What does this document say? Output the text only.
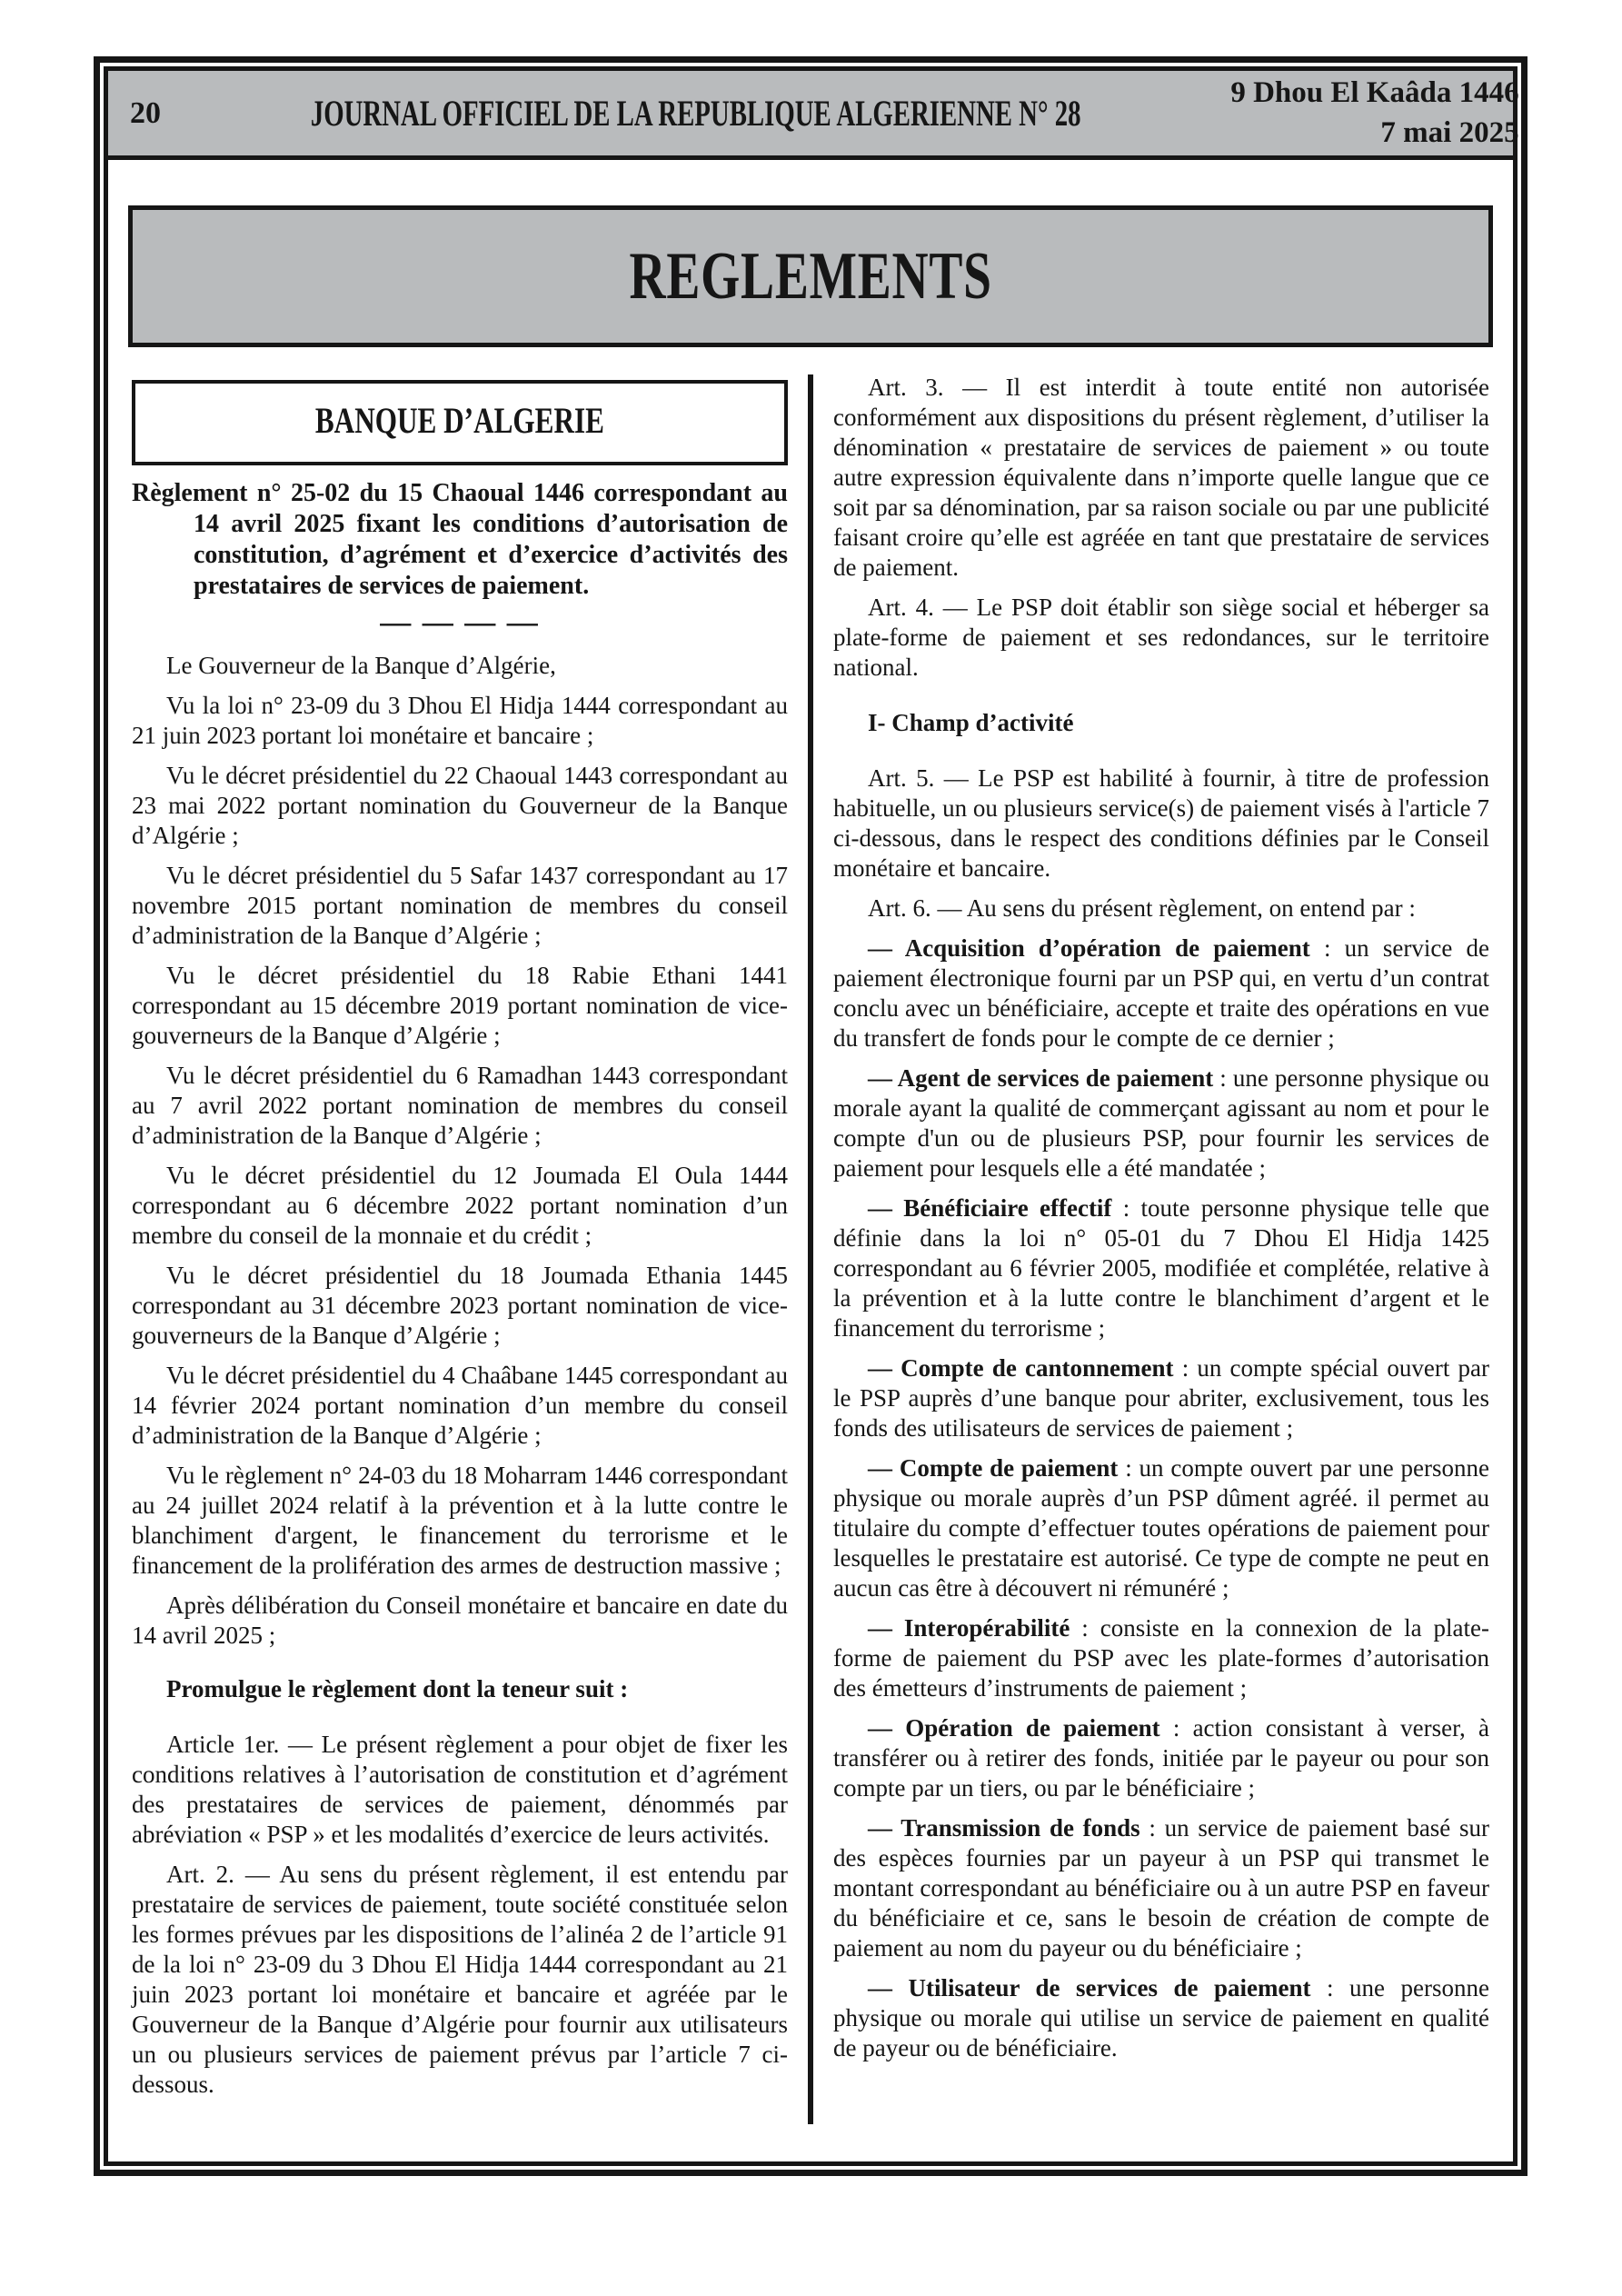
20	JOURNAL OFFICIEL DE LA REPUBLIQUE ALGERIENNE N° 28
9 Dhou El Kaâda 1446
7 mai 2025
REGLEMENTS
BANQUE D’ALGERIE

Règlement n° 25-02 du 15 Chaoual 1446 correspondant au 14 avril 2025 fixant les conditions d’autorisation de constitution, d’agrément et d’exercice d’activités des prestataires de services de paiement.

— — — —

Le Gouverneur de la Banque d’Algérie,

Vu la loi n° 23-09 du 3 Dhou El Hidja 1444 correspondant au 21 juin 2023 portant loi monétaire et bancaire ;

Vu le décret présidentiel du 22 Chaoual 1443 correspondant au 23 mai 2022 portant nomination du Gouverneur de la Banque d’Algérie ;

Vu le décret présidentiel du 5 Safar 1437 correspondant au 17 novembre 2015 portant nomination de membres du conseil d’administration de la Banque d’Algérie ;

Vu le décret présidentiel du 18 Rabie Ethani 1441 correspondant au 15 décembre 2019 portant nomination de vice-gouverneurs de la Banque d’Algérie ;

Vu le décret présidentiel du 6 Ramadhan 1443 correspondant au 7 avril 2022 portant nomination de membres du conseil d’administration de la Banque d’Algérie ;

Vu le décret présidentiel du 12 Joumada El Oula 1444 correspondant au 6 décembre 2022 portant nomination d’un membre du conseil de la monnaie et du crédit ;

Vu le décret présidentiel du 18 Joumada Ethania 1445 correspondant au 31 décembre 2023 portant nomination de vice-gouverneurs de la Banque d’Algérie ;

Vu le décret présidentiel du 4 Chaâbane 1445 correspondant au 14 février 2024 portant nomination d’un membre du conseil d’administration de la Banque d’Algérie ;

Vu le règlement n° 24-03 du 18 Moharram 1446 correspondant au 24 juillet 2024 relatif à la prévention et à la lutte contre le blanchiment d'argent, le financement du terrorisme et le financement de la prolifération des armes de destruction massive ;

Après délibération du Conseil monétaire et bancaire en date du 14 avril 2025 ;

Promulgue le règlement dont la teneur suit :

Article 1er. — Le présent règlement a pour objet de fixer les conditions relatives à l’autorisation de constitution et d’agrément des prestataires de services de paiement, dénommés par abréviation « PSP » et les modalités d’exercice de leurs activités.

Art. 2. — Au sens du présent règlement, il est entendu par prestataire de services de paiement, toute société constituée selon les formes prévues par les dispositions de l’alinéa 2 de l’article 91 de la loi n° 23-09 du 3 Dhou El Hidja 1444 correspondant au 21 juin 2023 portant loi monétaire et bancaire et agréée par le Gouverneur de la Banque d’Algérie pour fournir aux utilisateurs un ou plusieurs services de paiement prévus par l’article 7 ci-dessous.

Art. 3. — Il est interdit à toute entité non autorisée conformément aux dispositions du présent règlement, d’utiliser la dénomination « prestataire de services de paiement » ou toute autre expression équivalente dans n’importe quelle langue que ce soit par sa dénomination, par sa raison sociale ou par une publicité faisant croire qu’elle est agréée en tant que prestataire de services de paiement.

Art. 4. — Le PSP doit établir son siège social et héberger sa plate-forme de paiement et ses redondances, sur le territoire national.

I- Champ d’activité

Art. 5. — Le PSP est habilité à fournir, à titre de profession habituelle, un ou plusieurs service(s) de paiement visés à l'article 7 ci-dessous, dans le respect des conditions définies par le Conseil monétaire et bancaire.

Art. 6. — Au sens du présent règlement, on entend par :

— Acquisition d’opération de paiement : un service de paiement électronique fourni par un PSP qui, en vertu d’un contrat conclu avec un bénéficiaire, accepte et traite des opérations en vue du transfert de fonds pour le compte de ce dernier ;

— Agent de services de paiement : une personne physique ou morale ayant la qualité de commerçant agissant au nom et pour le compte d'un ou de plusieurs PSP, pour fournir les services de paiement pour lesquels elle a été mandatée ;

— Bénéficiaire effectif : toute personne physique telle que définie dans la loi n° 05-01 du 7 Dhou El Hidja 1425 correspondant au 6 février 2005, modifiée et complétée, relative à la prévention et à la lutte contre le blanchiment d’argent et le financement du terrorisme ;

— Compte de cantonnement : un compte spécial ouvert par le PSP auprès d’une banque pour abriter, exclusivement, tous les fonds des utilisateurs de services de paiement ;

— Compte de paiement : un compte ouvert par une personne physique ou morale auprès d’un PSP dûment agréé. il permet au titulaire du compte d’effectuer toutes opérations de paiement pour lesquelles le prestataire est autorisé. Ce type de compte ne peut en aucun cas être à découvert ni rémunéré ;

— Interopérabilité : consiste en la connexion de la plate-forme de paiement du PSP avec les plate-formes d’autorisation des émetteurs d’instruments de paiement ;

— Opération de paiement : action consistant à verser, à transférer ou à retirer des fonds, initiée par le payeur ou pour son compte par un tiers, ou par le bénéficiaire ;

— Transmission de fonds : un service de paiement basé sur des espèces fournies par un payeur à un PSP qui transmet le montant correspondant au bénéficiaire ou à un autre PSP en faveur du bénéficiaire et ce, sans le besoin de création de compte de paiement au nom du payeur ou du bénéficiaire ;

— Utilisateur de services de paiement : une personne physique ou morale qui utilise un service de paiement en qualité de payeur ou de bénéficiaire.
